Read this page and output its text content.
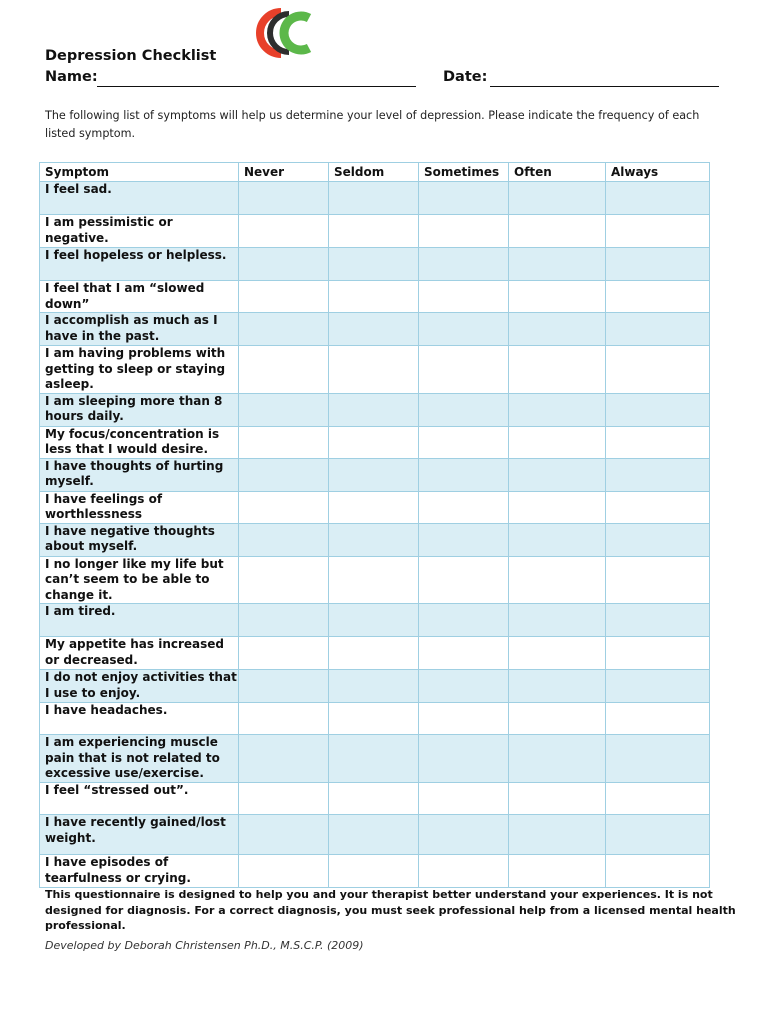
Depression Checklist
Name:	Date:
The following list of symptoms will help us determine your level of depression. Please indicate the frequency of each listed symptom.
Symptom	Never	Seldom	Sometimes	Often	Always
I feel sad.					
I am pessimistic or negative.					
I feel hopeless or helpless.					
I feel that I am “slowed down”					
I accomplish as much as I have in the past.					
I am having problems with getting to sleep or staying asleep.					
I am sleeping more than 8 hours daily.					
My focus/concentration is less that I would desire.					
I have thoughts of hurting myself.					
I have feelings of worthlessness					
I have negative thoughts about myself.					
I no longer like my life but can’t seem to be able to change it.					
I am tired.					
My appetite has increased or decreased.					
I do not enjoy activities that I use to enjoy.					
I have headaches.					
I am experiencing muscle pain that is not related to excessive use/exercise.					
I feel “stressed out”.					
I have recently gained/lost weight.					
I have episodes of tearfulness or crying.					
This questionnaire is designed to help you and your therapist better understand your experiences. It is not designed for diagnosis. For a correct diagnosis, you must seek professional help from a licensed mental health professional.
Developed by Deborah Christensen Ph.D., M.S.C.P. (2009)
